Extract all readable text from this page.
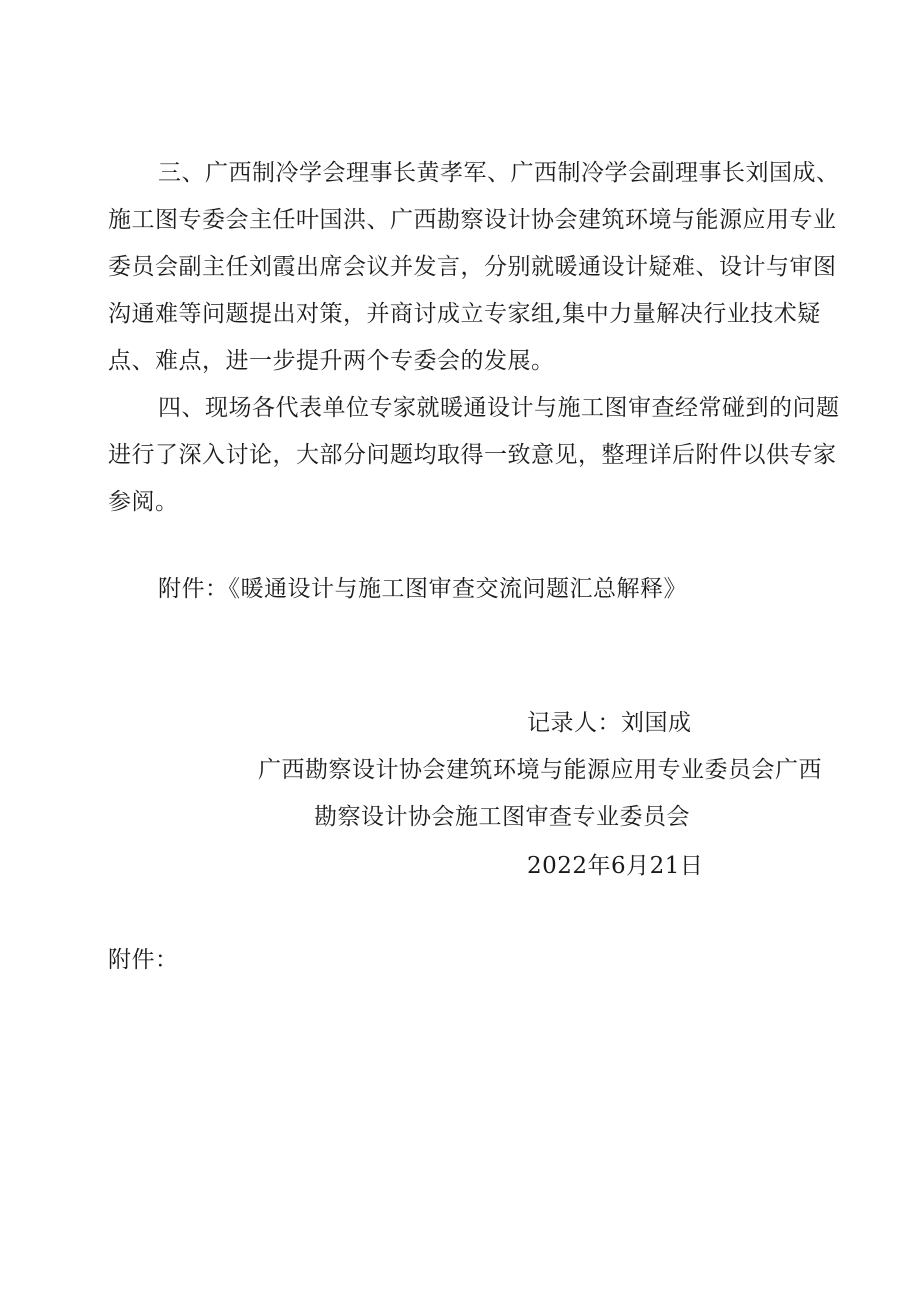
三、广西制冷学会理事长黄孝军、广西制冷学会副理事长刘国成、
施工图专委会主任叶国洪、广西勘察设计协会建筑环境与能源应用专业
委员会副主任刘霞出席会议并发言，分别就暖通设计疑难、设计与审图
沟通难等问题提出对策，并商讨成立专家组,集中力量解决行业技术疑
点、难点，进一步提升两个专委会的发展。
四、现场各代表单位专家就暖通设计与施工图审查经常碰到的问题
进行了深入讨论，大部分问题均取得一致意见，整理详后附件以供专家
参阅。

附件：《暖通设计与施工图审查交流问题汇总解释》

记录人：刘国成

广西勘察设计协会建筑环境与能源应用专业委员会广西

勘察设计协会施工图审查专业委员会

2022年6月21日

附件：
